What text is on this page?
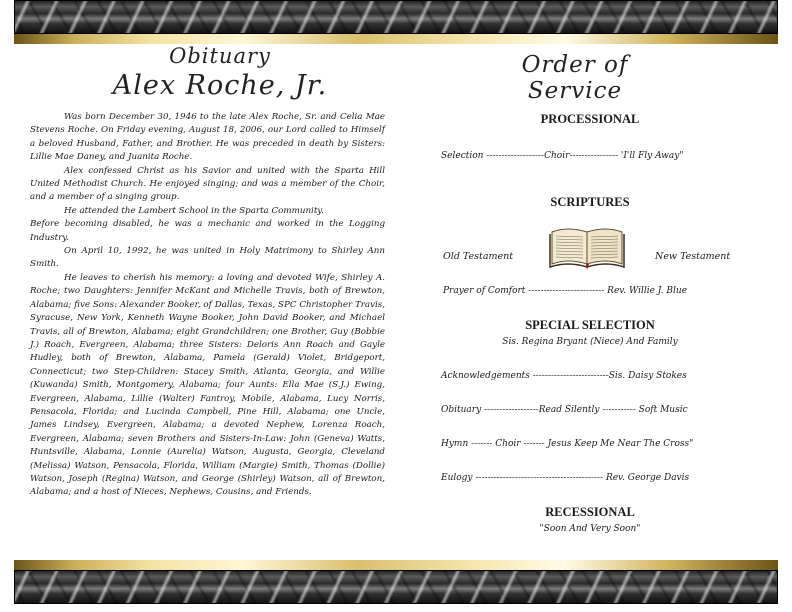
Obituary
Alex Roche, Jr.

Was born December 30, 1946 to the late Alex Roche, Sr. and Celia Mae Stevens Roche. On Friday evening, August 18, 2006, our Lord called to Himself a beloved Husband, Father, and Brother. He was preceded in death by Sisters: Lillie Mae Daney, and Juanita Roche.

Alex confessed Christ as his Savior and united with the Sparta Hill United Methodist Church. He enjoyed singing; and was a member of the Choir, and a member of a singing group.

He attended the Lambert School in the Sparta Community.

Before becoming disabled, he was a mechanic and worked in the Logging Industry.

On April 10, 1992, he was united in Holy Matrimony to Shirley Ann Smith.

He leaves to cherish his memory: a loving and devoted Wife, Shirley A. Roche; two Daughters: Jennifer McKant and Michelle Travis, both of Brewton, Alabama; five Sons: Alexander Booker, of Dallas, Texas, SPC Christopher Travis, Syracuse, New York, Kenneth Wayne Booker, John David Booker, and Michael Travis, all of Brewton, Alabama; eight Grandchildren; one Brother, Guy (Bobbie J.) Roach, Evergreen, Alabama; three Sisters: Deloris Ann Roach and Gayle Hudley, both of Brewton, Alabama, Pamela (Gerald) Violet, Bridgeport, Connecticut; two Step-Children: Stacey Smith, Atlanta, Georgia, and Willie (Kuwanda) Smith, Montgomery, Alabama; four Aunts: Ella Mae (S.J.) Ewing, Evergreen, Alabama, Lillie (Walter) Fantroy, Mobile, Alabama, Lucy Norris, Pensacola, Florida; and Lucinda Campbell, Pine Hill, Alabama; one Uncle, James Lindsey, Evergreen, Alabama; a devoted Nephew, Lorenza Roach, Evergreen, Alabama; seven Brothers and Sisters-In-Law: John (Geneva) Watts, Huntsville, Alabama, Lonnie (Aurelia) Watson, Augusta, Georgia, Cleveland (Melissa) Watson, Pensacola, Florida, William (Margie) Smith, Thomas (Dollie) Watson, Joseph (Regina) Watson, and George (Shirley) Watson, all of Brewton, Alabama; and a host of Nieces, Nephews, Cousins, and Friends.

Order of Service
PROCESSIONAL
Selection -------------------Choir---------------- 'I'll Fly Away"
SCRIPTURES
Old Testament	New Testament
Prayer of Comfort ------------------------- Rev. Willie J. Blue
SPECIAL SELECTION
Sis. Regina Bryant (Niece) And Family
Acknowledgements -------------------------Sis. Daisy Stokes
Obituary ------------------Read Silently ----------- Soft Music
Hymn ------- Choir ------- Jesus Keep Me Near The Cross"
Eulogy ------------------------------------------ Rev. George Davis
RECESSIONAL
"Soon And Very Soon"
